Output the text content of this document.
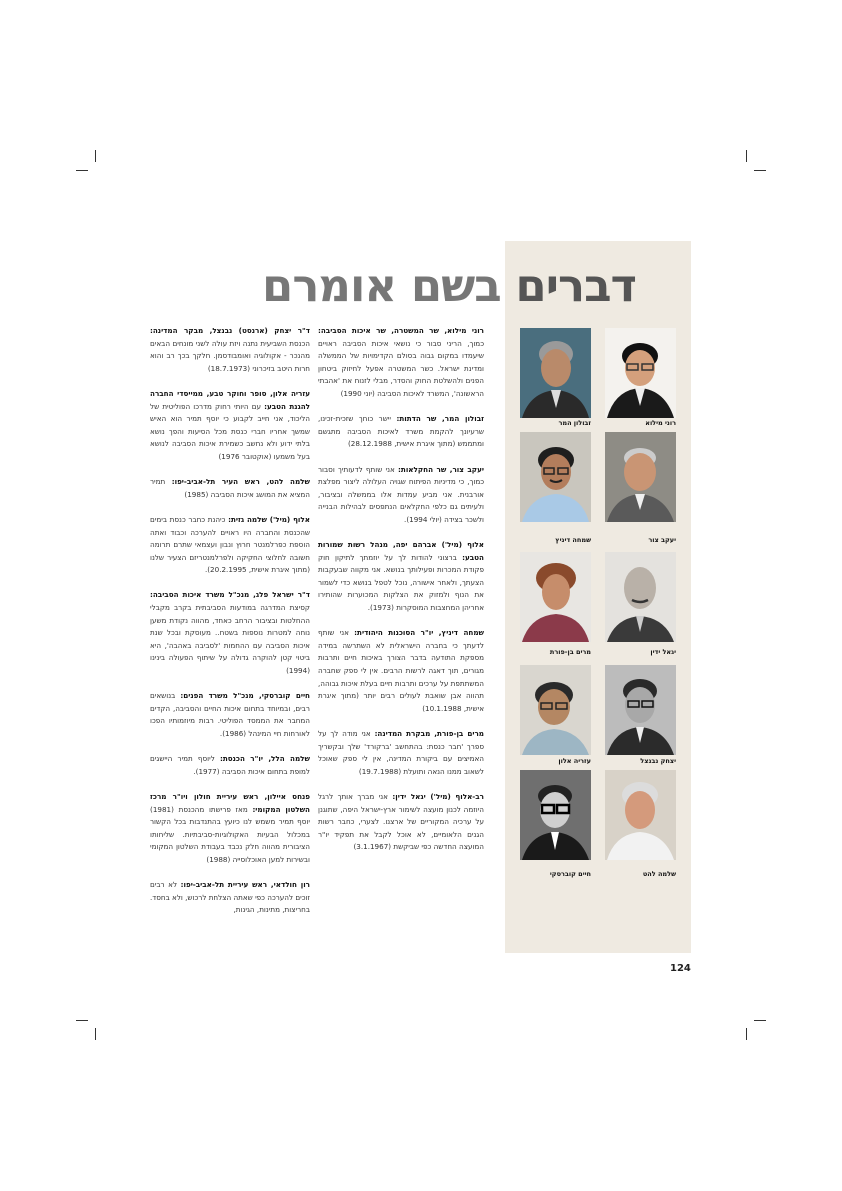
דברים בשם אומרם
רוני מילוא
זבולון המר
יעקב צור
שמחה דיניץ
יגאל ידין
מרים בן-פורת
יצחק נבנצל
עזריה אלון
שלמה להט
חיים קוברסקי

רוני מילוא, שר המשטרה, שר איכות הסביבה: כמוך, הריני סבור כי נושאי איכות הסביבה ראויים שיעמדו במקום גבוה בסולם הקדימויות של הממשלה ומדינת ישראל. כשר המשטרה אפעל לחיזוק ביטחון הפנים ולהשלטת החוק והסדר, מבלי לזנוח את 'אהבתי הראשונה', המשרד לאיכות הסביבה (יוני 1990)

זבולון המר, שר הדתות: יישר כוחך שזכית-זכינו, שרעיונך להקמת משרד לאיכות הסביבה מתגשם ומתממש (מתוך איגרת אישית, 28.12.1988)

יעקב צור, שר החקלאות: אני שותף לדעותיך וסבור כמוך, כי מדיניות הפיתוח שגויה העלולה ליצור מפלצת אורבנית. אני מביע עמדות אלו בממשלה ובציבור, ולעיתים גם כלפי החקלאים הנתפסים לבהילות הבנייה ולשכר בצידה (יולי 1994).

אלוף (מיל') אברהם יפה, מנהל רשות שמורות הטבע: ברצוני להודות לך על יוזמתך לתיקון חוק פקודת המכרות ופעילותך בנושא. אני מקווה שבעקבות הצעתך, ולאחר אישורה, נוכל לטפל בנושא כדי לשמור את הנוף ולמזוק את הצלקות המכוערות שהותירו אחריהן המחצבות המוסקרות (1973).

שמחה דיניץ, יו"ר הסוכנות היהודית: אני שותף לדעתך כי בחברה הישראלית לא השתרשה במידה מספקת התודעה בדבר הצורך באיכות חיים ותרבות מגורים, תוך דאגה לרשות הרבים. אין לי ספק שחברה המשתתפת על ערכים ותרבות חיים בעלת איכות גבוהה, תהווה אבן שואבת לעולים רבים יותר (מתוך איגרת אישית, 10.1.1988)

מרים בן-פורת, מבקרת המדינה: אני מודה לך על ספרך 'חבר כנסת: בהתחשב 'ברקורד' שלך ובקשריך האמיצים עם ביקורת המדינה, אין לי ספק שאוכל לשאוב ממנו הנאה ותועלת (19.7.1988)

רב-אלוף (מיל') יגאל ידין: אני מברך אותך לרגל היוזמה לכנון מועצה לשימור ארץ-ישראל היפה, שתוגנן על ערכיה המקוריים של ארצנו. לצערי, כחבר רשות הגנים הלאומיים, לא אוכל לקבל את תפקיד יו"ר המועצה החדשה כפי שביקשת (3.1.1967)

ד"ר יצחק (ארנסט) נבנצל, מבקר המדינה: הכנסת השביעית נתנה ויזת עולה לשני מונחים הבאים מהנכר - אקולוגיה ואומבודסמן. חלקך בכך רב והוא חרות היטב בזיכרוני (18.7.1973)

עזריה אלון, סופר וחוקר טבע, ממייסדי החברה להגנת הטבע: עם היותי רחוק מדרכו הפוליטית של הליכוד, אני חייב לקבוע כי יוסף תמיר הוא האיש שמשך אחריו חברי כנסת מכל הסיעות והפך נושא בלתי ידוע ולא נחשב כשמירת איכות הסביבה לנושא בעל משמעו (אוקטובר 1976)

שלמה להט, ראש העיר תל-אביב-יפו: תמיר המציא את המושג איכות הסביבה (1985)

אלוף (מיל') שלמה גזית: כיהנת כחבר כנסת בימים שהכנסת והחברה היו ראויים להערכה וכבוד ואתה הוספת כפרלמנטר חרוץ ונבון ועצמאי שתרם תרומה חשובה לחלוצי החקיקה ולפרלמנטריזם הצעיר שלנו (מתוך איגרת אישית, 20.2.1995).

ד"ר ישראל פלג, מנכ"ל משרד איכות הסביבה: קסיצת המדרגה במודעות הסביבתית בקרב מקבלי ההחלטות ובציבור הרחב כאחד, מהווה נקודת משען נוחה למטרות נוספות בשטח.. מעוסקת ובכל שנת איכות הסביבה עם ההחמות 'לסביבה באהבה', היא ביטוי קטן להוקרה גדולה על שיתוף הפעולה בינינו (1994)

חיים קוברסקי, מנכ"ל משרד הפנים: בנושאים רבים, ובמיוחד בתחום איכות החיים והסביבה, הקדים המחבר את הממסד הפוליטי. רבות מיוזמותיו הפכו לאורחות חיי המינהל (1986).

שלמה הלל, יו"ר הכנסת: ליוסף תמיר היישגים למופת בתחום איכות הסביבה (1977).

פנחס איילון, ראש עיריית חולון ויו"ר מרכז השלטון המקומי: מאז פרישתו מהכנסת (1981) יוסף תמיר משמש לנו כיועץ בהתנדבות בכל הקשור במכלול הבעיות האקולוגיות-סביבתיות. שליחותו הציבורית מהווה חלק נכבד בעבודת השלטון המקומי ובשירות למען האוכלוסייה (1988)

רון חולדאי, ראש עיריית תל-אביב-יפו: לא רבים זוכים להערכה כפי שאתה הצלחת לרכוש, ולא בחסד. בחריצות, מתינות, הגינות,

124
